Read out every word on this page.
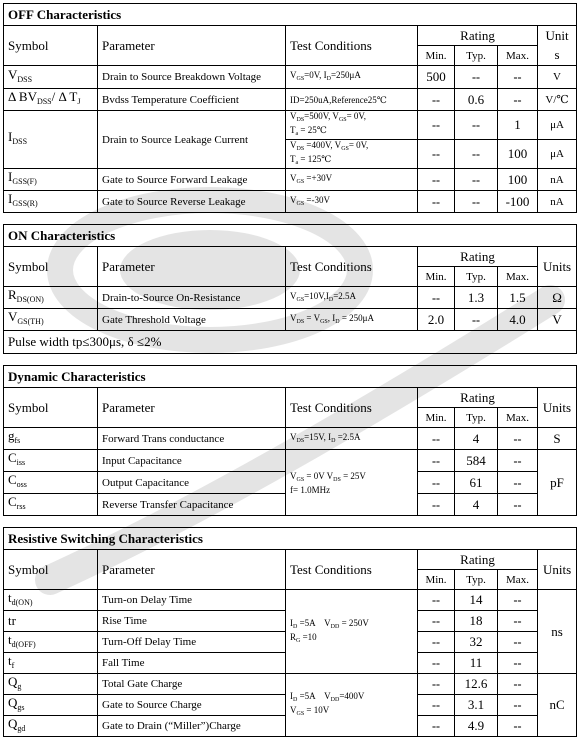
OFF Characteristics						
Symbol	Parameter	Test Conditions	Rating			Unit
			Min.	Typ.	Max.	s
$V_{DSS}$	Drain to Source Breakdown Voltage	$V_{GS}=0V$, $I_D=250\mu A$	500	--	--	V
Δ $BV_{DSS}/$ Δ $T_J$	Bvdss Temperature Coefficient	ID=250uA,Reference25℃	--	0.6	--	V/℃
$I_{DSS}$	Drain to Source Leakage Current	$V_{DS}=500V$, $V_{GS}= 0V$,
$T_a$ = 25℃	--	--	1	μA

		$V_{DS} =400V$, $V_{GS}= 0V$,
$T_a$ = 125℃	--	--	100	μA
$I_{GSS(F)}$	Gate to Source Forward Leakage	$V_{GS} =+30V$	--	--	100	nA
$I_{GSS(R)}$	Gate to Source Reverse Leakage	$V_{GS} =-30V$	--	--	-100	nA
ON Characteristics						
Symbol	Parameter	Test Conditions	Rating			Units
			Min.	Typ.	Max.	
$R_{DS(ON)}$	Drain-to-Source On-Resistance	$V_{GS}=10V,I_D=2.5A$	--	1.3	1.5	Ω
$V_{GS(TH)}$	Gate Threshold Voltage	$V_{DS} = V_{GS}$, $I_D = 250\mu A$	2.0	--	4.0	V
Pulse width tp≤300μs, δ ≤2%						
Dynamic Characteristics						
Symbol	Parameter	Test Conditions	Rating			Units
			Min.	Typ.	Max.	
$g_{fs}$	Forward Trans conductance	$V_{DS}=15V$, $I_D =2.5A$	--	4	--	S
$C_{iss}$	Input Capacitance	$V_{GS} = 0V$ $V_{DS} = 25V$
f= 1.0MHz	--	584	--	pF
$C_{oss}$	Output Capacitance		--	61	--	
$C_{rss}$	Reverse Transfer Capacitance		--	4	--	
Resistive Switching Characteristics						
Symbol	Parameter	Test Conditions	Rating			Units
			Min.	Typ.	Max.	
$t_{d(ON)}$	Turn-on Delay Time	$I_D =5A$    $V_{DD} = 250V$
$R_G =10$	--	14	--	ns
tr	Rise Time		--	18	--	
$t_{d(OFF)}$	Turn-Off Delay Time		--	32	--	
$t_f$	Fall Time		--	11	--	
$Q_g$	Total Gate Charge	$I_D =5A$    $V_{DD}=400V$
$V_{GS} = 10V$	--	12.6	--	nC
$Q_{gs}$	Gate to Source Charge		--	3.1	--	
$Q_{gd}$	Gate to Drain (“Miller”)Charge		--	4.9	--	
